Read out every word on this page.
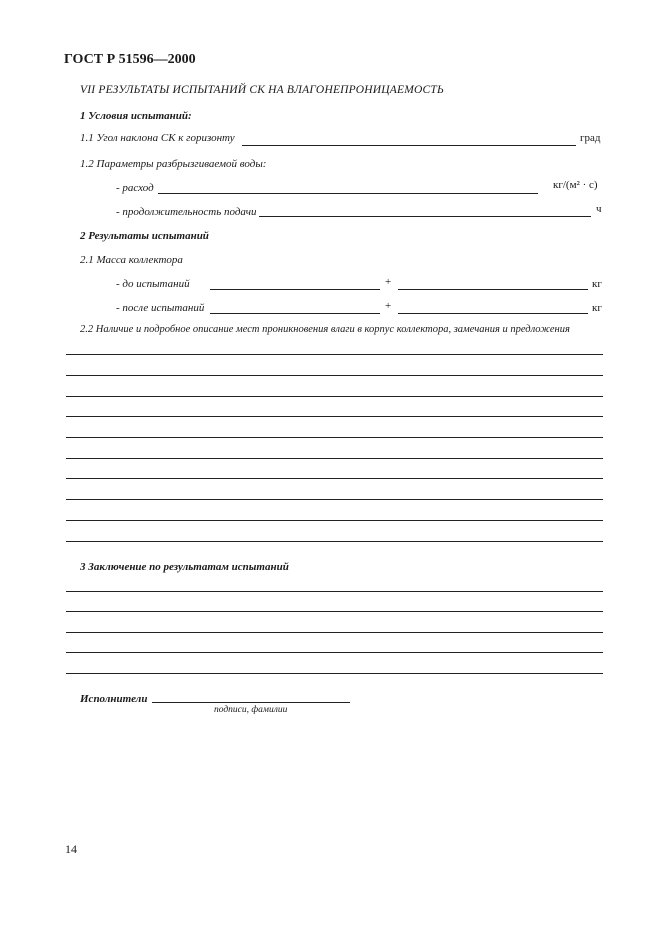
ГОСТ Р 51596—2000
VII РЕЗУЛЬТАТЫ ИСПЫТАНИЙ СК НА ВЛАГОНЕПРОНИЦАЕМОСТЬ
1 Условия испытаний:
1.1 Угол наклона СК к горизонту	град
1.2 Параметры разбрызгиваемой воды:
- расход	кг/(м² · с)
- продолжительность подачи	ч
2 Результаты испытаний
2.1 Масса коллектора
- до испытаний	+	кг
- после испытаний	+	кг
2.2 Наличие и подробное описание мест проникновения влаги в корпус коллектора, замечания и предложения
3 Заключение по результатам испытаний
Исполнители
подписи, фамилии
14
